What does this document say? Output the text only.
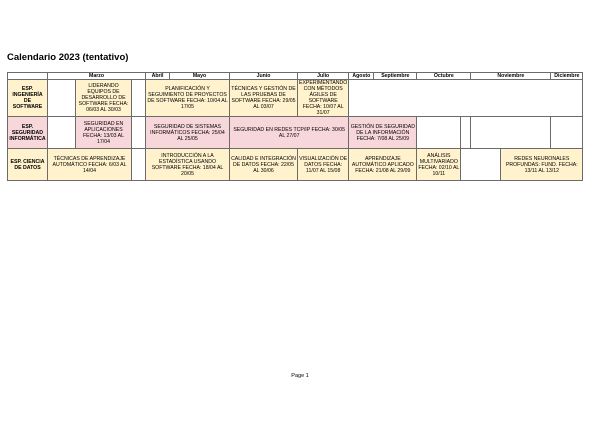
Calendario 2023 (tentativo)
	Marzo			Abril	Mayo	Junio	Julio	Agosto	Septiembre	Octubre		Noviembre		Diciembre
ESP. INGENIERÍA DE SOFTWARE		LIDERANDO EQUIPOS DE DESARROLLO DE SOFTWARE FECHA: 06/03 AL 30/03		PLANIFICACIÓN Y SEGUIMIENTO DE PROYECTOS DE SOFTWARE FECHA: 10/04 AL 17/05		TÉCNICAS Y GESTIÓN DE LAS PRUEBAS DE SOFTWARE FECHA: 29/05 AL 03/07	EXPERIMENTANDO CON MÉTODOS ÁGILES DE SOFTWARE FECHA: 10/07 AL 31/07							
ESP. SEGURIDAD INFORMÁTICA		SEGURIDAD EN APLICACIONES FECHA: 13/03 AL 17/04		SEGURIDAD DE SISTEMAS INFORMÁTICOS FECHA: 25/04 AL 25/05		SEGURIDAD EN REDES TCP/IP FECHA: 30/05 AL 27/07		GESTIÓN DE SEGURIDAD DE LA INFORMACIÓN FECHA: 7/08 AL 25/09						
ESP. CIENCIA DE DATOS	TÉCNICAS DE APRENDIZAJE AUTOMÁTICO FECHA: 6/03 AL 14/04			INTRODUCCIÓN A LA ESTADÍSTICA USANDO SOFTWARE FECHA: 18/04 AL 20/05		CALIDAD E INTEGRACIÓN DE DATOS FECHA: 22/05 AL 30/06	VISUALIZACIÓN DE DATOS FECHA: 11/07 AL 15/08	APRENDIZAJE AUTOMÁTICO APLICADO FECHA: 21/08 AL 29/09		ANÁLISIS MULTIVARIADO FECHA: 02/10 AL 10/11			REDES NEURONALES PROFUNDAS: FUND. FECHA: 13/11 AL 13/12	
Page 1
